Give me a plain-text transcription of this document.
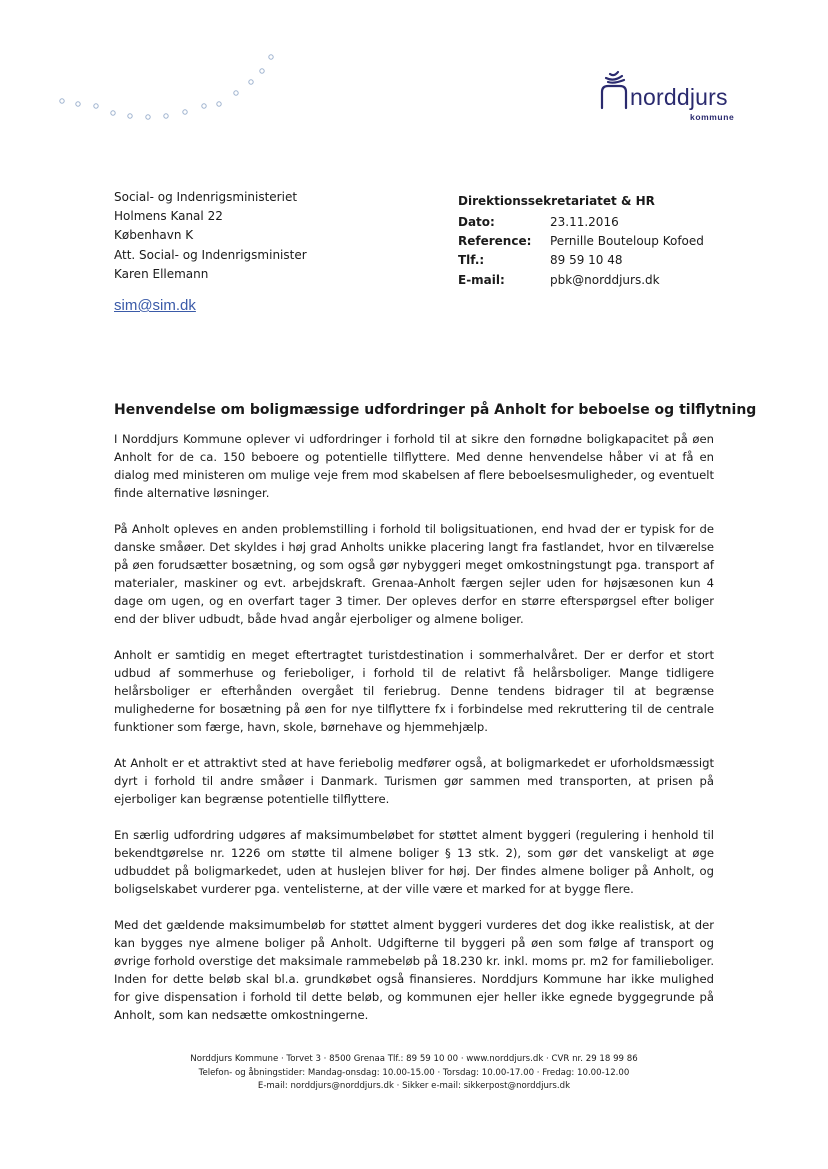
norddjurs
kommune
Social- og Indenrigsministeriet
Holmens Kanal 22
København K
Att. Social- og Indenrigsminister
Karen Ellemann
sim@sim.dk
Direktionssekretariatet & HR
Dato:	23.11.2016
Reference:	Pernille Bouteloup Kofoed
Tlf.:	89 59 10 48
E-mail:	pbk@norddjurs.dk
Henvendelse om boligmæssige udfordringer på Anholt for beboelse og tilflytning

I Norddjurs Kommune oplever vi udfordringer i forhold til at sikre den fornødne boligkapacitet på øen Anholt for de ca. 150 beboere og potentielle tilflyttere. Med denne henvendelse håber vi at få en dialog med ministeren om mulige veje frem mod skabelsen af flere beboelsesmuligheder, og eventuelt finde alternative løsninger.

På Anholt opleves en anden problemstilling i forhold til boligsituationen, end hvad der er typisk for de danske småøer. Det skyldes i høj grad Anholts unikke placering langt fra fastlandet, hvor en tilværelse på øen forudsætter bosætning, og som også gør nybyggeri meget omkostningstungt pga. transport af materialer, maskiner og evt. arbejdskraft. Grenaa-Anholt færgen sejler uden for højsæsonen kun 4 dage om ugen, og en overfart tager 3 timer. Der opleves derfor en større efterspørgsel efter boliger end der bliver udbudt, både hvad angår ejerboliger og almene boliger.

Anholt er samtidig en meget eftertragtet turistdestination i sommerhalvåret. Der er derfor et stort udbud af sommerhuse og ferieboliger, i forhold til de relativt få helårsboliger. Mange tidligere helårsboliger er efterhånden overgået til feriebrug. Denne tendens bidrager til at begrænse mulighederne for bosætning på øen for nye tilflyttere fx i forbindelse med rekruttering til de centrale funktioner som færge, havn, skole, børnehave og hjemmehjælp.

At Anholt er et attraktivt sted at have feriebolig medfører også, at boligmarkedet er uforholdsmæssigt dyrt i forhold til andre småøer i Danmark. Turismen gør sammen med transporten, at prisen på ejerboliger kan begrænse potentielle tilflyttere.

En særlig udfordring udgøres af maksimumbeløbet for støttet alment byggeri (regulering i henhold til bekendtgørelse nr. 1226 om støtte til almene boliger § 13 stk. 2), som gør det vanskeligt at øge udbuddet på boligmarkedet, uden at huslejen bliver for høj. Der findes almene boliger på Anholt, og boligselskabet vurderer pga. ventelisterne, at der ville være et marked for at bygge flere.

Med det gældende maksimumbeløb for støttet alment byggeri vurderes det dog ikke realistisk, at der kan bygges nye almene boliger på Anholt. Udgifterne til byggeri på øen som følge af transport og øvrige forhold overstige det maksimale rammebeløb på 18.230 kr. inkl. moms pr. m2 for familieboliger. Inden for dette beløb skal bl.a. grundkøbet også finansieres. Norddjurs Kommune har ikke mulighed for give dispensation i forhold til dette beløb, og kommunen ejer heller ikke egnede byggegrunde på Anholt, som kan nedsætte omkostningerne.

Norddjurs Kommune · Torvet 3 · 8500 Grenaa Tlf.: 89 59 10 00 · www.norddjurs.dk · CVR nr. 29 18 99 86
Telefon- og åbningstider: Mandag-onsdag: 10.00-15.00 · Torsdag: 10.00-17.00 · Fredag: 10.00-12.00
E-mail: norddjurs@norddjurs.dk · Sikker e-mail: sikkerpost@norddjurs.dk
